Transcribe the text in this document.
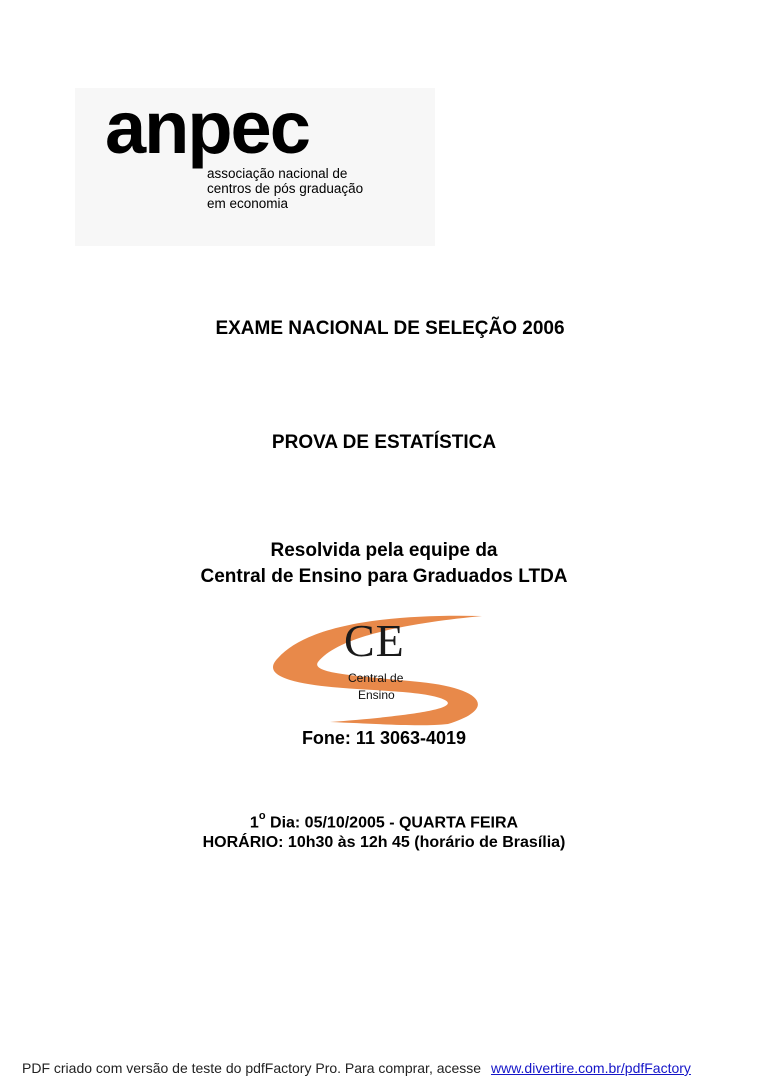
anpec
associação nacional de
centros de pós graduação
em economia
EXAME NACIONAL DE SELEÇÃO 2006
PROVA DE ESTATÍSTICA
Resolvida pela equipe da
Central de Ensino para Graduados LTDA
CE
Central de
Ensino
Fone: 11 3063-4019
1$^o$ Dia: 05/10/2005 - QUARTA FEIRA
HORÁRIO: 10h30 às 12h 45 (horário de Brasília)
PDF criado com versão de teste do pdfFactory Pro. Para comprar, acesse www.divertire.com.br/pdfFactory
